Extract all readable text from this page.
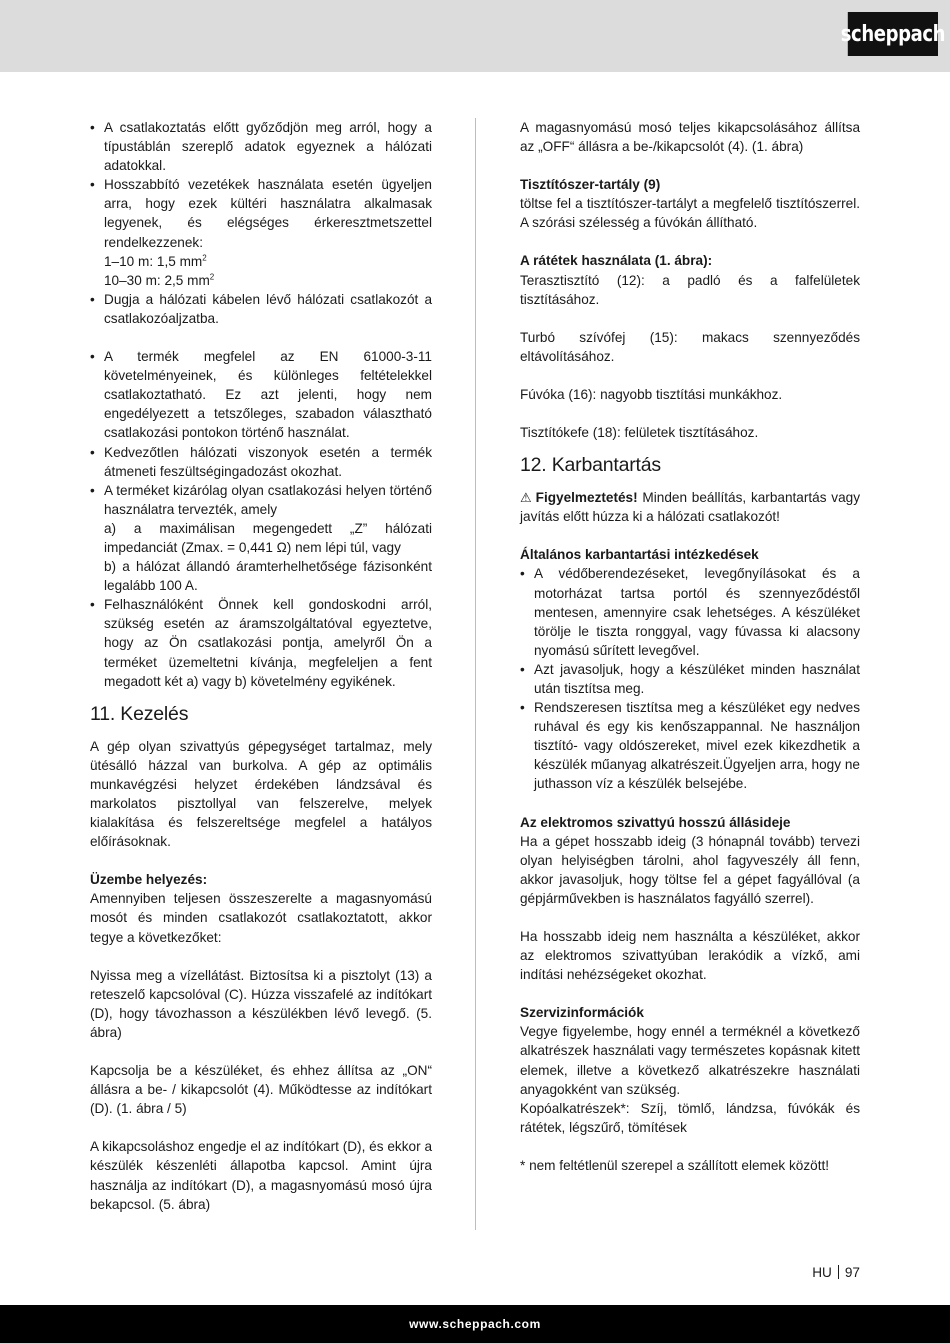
scheppach
• A csatlakoztatás előtt győződjön meg arról, hogy a típustáblán szereplő adatok egyeznek a hálózati adatokkal.
• Hosszabbító vezetékek használata esetén ügyeljen arra, hogy ezek kültéri használatra alkalmasak legyenek, és elégséges érkeresztmetszettel rendelkezzenek:
1–10 m: 1,5 $mm^2$
10–30 m: 2,5 $mm^2$
• Dugja a hálózati kábelen lévő hálózati csatlakozót a csatlakozóaljzatba.
• A termék megfelel az EN 61000-3-11 követelményeinek, és különleges feltételekkel csatlakoztatható. Ez azt jelenti, hogy nem engedélyezett a tetszőleges, szabadon választható csatlakozási pontokon történő használat.
• Kedvezőtlen hálózati viszonyok esetén a termék átmeneti feszültségingadozást okozhat.
• A terméket kizárólag olyan csatlakozási helyen történő használatra tervezték, amely
a) a maximálisan megengedett „Z” hálózati impedanciát (Zmax. = 0,441 Ω) nem lépi túl, vagy
b) a hálózat állandó áramterhelhetősége fázisonként legalább 100 A.
• Felhasználóként Önnek kell gondoskodni arról, szükség esetén az áramszolgáltatóval egyeztetve, hogy az Ön csatlakozási pontja, amelyről Ön a terméket üzemeltetni kívánja, megfeleljen a fent megadott két a) vagy b) követelmény egyikének.
11. Kezelés

A gép olyan szivattyús gépegységet tartalmaz, mely ütésálló házzal van burkolva. A gép az optimális munkavégzési helyzet érdekében lándzsával és markolatos pisztollyal van felszerelve, melyek kialakítása és felszereltsége megfelel a hatályos előírásoknak.

Üzembe helyezés:

Amennyiben teljesen összeszerelte a magasnyomású mosót és minden csatlakozót csatlakoztatott, akkor tegye a következőket:

Nyissa meg a vízellátást. Biztosítsa ki a pisztolyt (13) a reteszelő kapcsolóval (C). Húzza visszafelé az indítókart (D), hogy távozhasson a készülékben lévő levegő. (5. ábra)

Kapcsolja be a készüléket, és ehhez állítsa az „ON“ állásra a be- / kikapcsolót (4). Működtesse az indítókart (D). (1. ábra / 5)

A kikapcsoláshoz engedje el az indítókart (D), és ekkor a készülék készenléti állapotba kapcsol. Amint újra használja az indítókart (D), a magasnyomású mosó újra bekapcsol. (5. ábra)

A magasnyomású mosó teljes kikapcsolásához állítsa az „OFF“ állásra a be-/kikapcsolót (4). (1. ábra)

Tisztítószer-tartály (9)

töltse fel a tisztítószer-tartályt a megfelelő tisztítószerrel. A szórási szélesség a fúvókán állítható.

A rátétek használata (1. ábra):

Terasztisztító (12): a padló és a falfelületek tisztításához.

Turbó szívófej (15): makacs szennyeződés eltávolításához.

Fúvóka (16): nagyobb tisztítási munkákhoz.

Tisztítókefe (18): felületek tisztításához.

12. Karbantartás

⚠ Figyelmeztetés! Minden beállítás, karbantartás vagy javítás előtt húzza ki a hálózati csatlakozót!

Általános karbantartási intézkedések

• A védőberendezéseket, levegőnyílásokat és a motorházat tartsa portól és szennyeződéstől mentesen, amennyire csak lehetséges. A készüléket törölje le tiszta ronggyal, vagy fúvassa ki alacsony nyomású sűrített levegővel.
• Azt javasoljuk, hogy a készüléket minden használat után tisztítsa meg.
• Rendszeresen tisztítsa meg a készüléket egy nedves ruhával és egy kis kenőszappannal. Ne használjon tisztító- vagy oldószereket, mivel ezek kikezdhetik a készülék műanyag alkatrészeit.Ügyeljen arra, hogy ne juthasson víz a készülék belsejébe.

Az elektromos szivattyú hosszú állásideje

Ha a gépet hosszabb ideig (3 hónapnál tovább) tervezi olyan helyiségben tárolni, ahol fagyveszély áll fenn, akkor javasoljuk, hogy töltse fel a gépet fagyállóval (a gépjárművekben is használatos fagyálló szerrel).

Ha hosszabb ideig nem használta a készüléket, akkor az elektromos szivattyúban lerakódik a vízkő, ami indítási nehézségeket okozhat.

Szervizinformációk

Vegye figyelembe, hogy ennél a terméknél a következő alkatrészek használati vagy természetes kopásnak kitett elemek, illetve a következő alkatrészekre használati anyagokként van szükség.

Kopóalkatrészek*: Szíj, tömlő, lándzsa, fúvókák és rátétek, légszűrő, tömítések

* nem feltétlenül szerepel a szállított elemek között!

HU 97
www.scheppach.com
